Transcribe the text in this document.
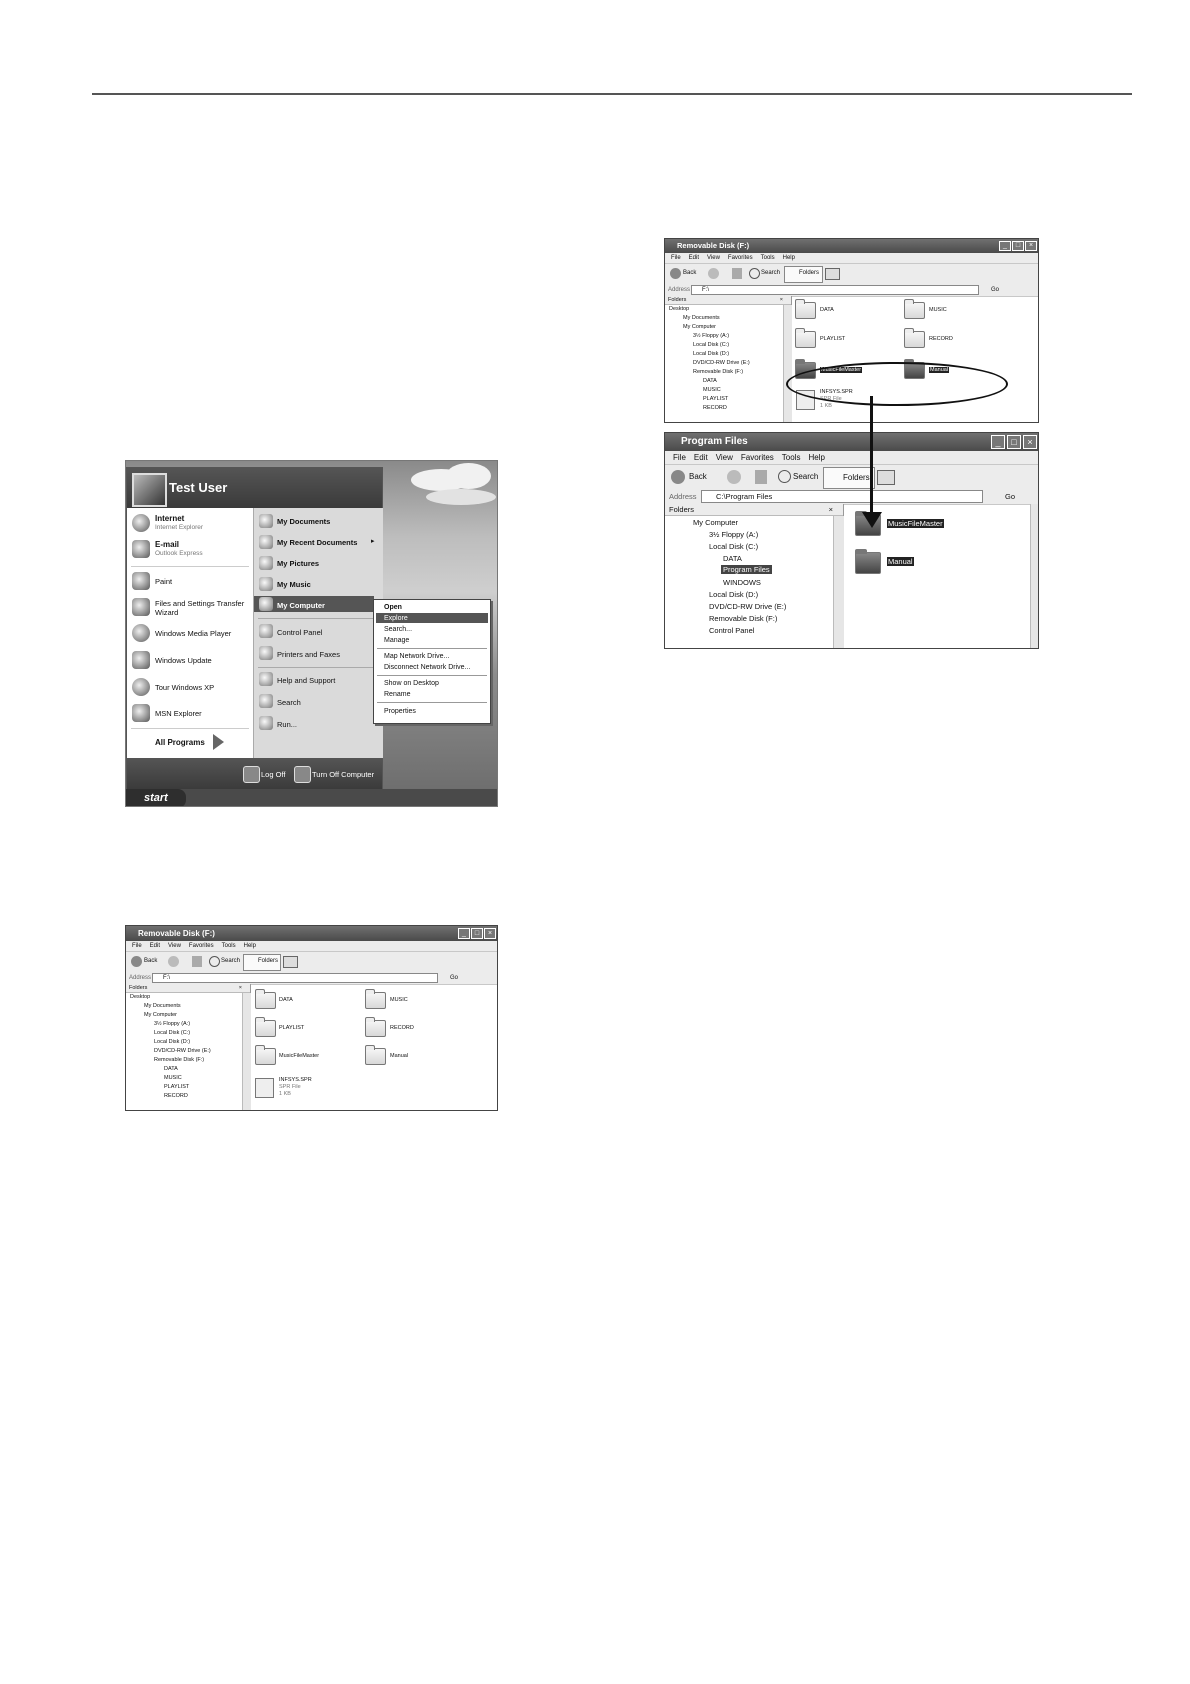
Test User
Internet
Internet Explorer
E-mail
Outlook Express
Paint
Files and Settings Transfer
Wizard
Windows Media Player
Windows Update
Tour Windows XP
MSN Explorer
All Programs
My Documents
My Recent Documents ▸
My Pictures
My Music
My Computer
Control Panel
Printers and Faxes
Help and Support
Search
Run...
Log Off	Turn Off Computer
Open
Explore
Search...
Manage
Map Network Drive...
Disconnect Network Drive...
Show on Desktop
Rename
Properties
start
Removable Disk (F:)	_	□	×
File Edit View Favorites Tools Help
Back	Search	Folders
Address	F:\	Go
Folders	×
Desktop
My Documents
My Computer
3½ Floppy (A:)
Local Disk (C:)
Local Disk (D:)
DVD/CD-RW Drive (E:)
Removable Disk (F:)
DATA
MUSIC
PLAYLIST
RECORD
DATA	MUSIC
PLAYLIST	RECORD
MusicFileMaster	Manual
INFSYS.SPR
SPR File
1 KB
Removable Disk (F:)	_	□	×
File Edit View Favorites Tools Help
Back	Search	Folders
Address	F:\	Go
Folders	×
Desktop
My Documents
My Computer
3½ Floppy (A:)
Local Disk (C:)
Local Disk (D:)
DVD/CD-RW Drive (E:)
Removable Disk (F:)
DATA
MUSIC
PLAYLIST
RECORD
DATA	MUSIC
PLAYLIST	RECORD
MusicFileMaster	Manual
INFSYS.SPR
SPR File
1 KB
Program Files	_	□	×
File Edit View Favorites Tools Help
Back	Search	Folders
Address	C:\Program Files	Go
Folders	×
My Computer
3½ Floppy (A:)
Local Disk (C:)
DATA
Program Files
WINDOWS
Local Disk (D:)
DVD/CD-RW Drive (E:)
Removable Disk (F:)
Control Panel
MusicFileMaster
Manual
